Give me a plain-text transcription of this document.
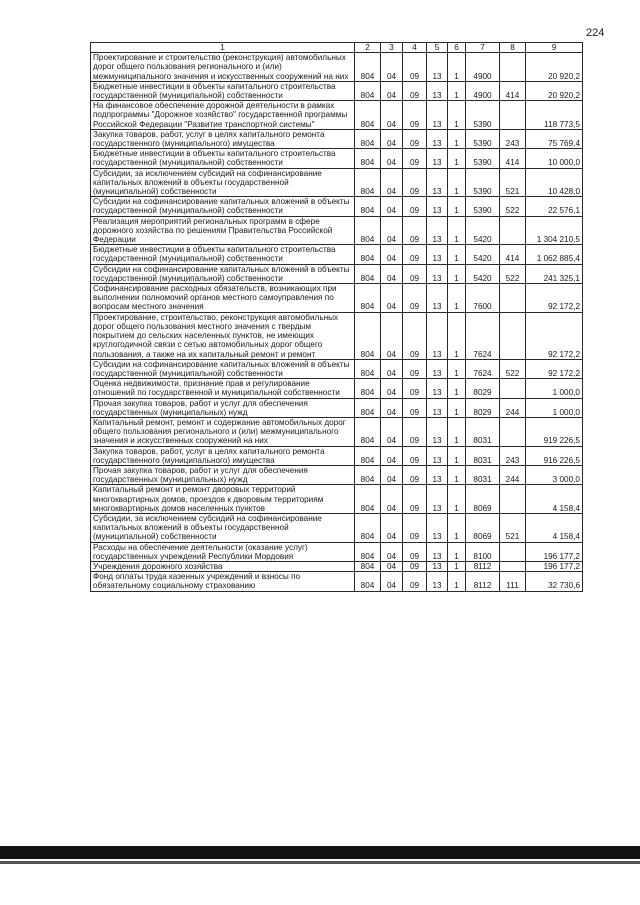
224
1	2	3	4	5	6	7	8	9
Проектирование и строительство (реконструкция) автомобильных дорог общего пользования регионального и (или) межмуниципального значения и искусственных сооружений на них	804	04	09	13	1	4900		20 920,2
Бюджетные инвестиции в объекты капитального строительства государственной (муниципальной) собственности	804	04	09	13	1	4900	414	20 920,2
На финансовое обеспечение дорожной деятельности в рамках подпрограммы "Дорожное хозяйство" государственной программы Российской Федерации "Развитие транспортной системы"	804	04	09	13	1	5390		118 773,5
Закупка товаров, работ, услуг в целях капитального ремонта государственного (муниципального) имущества	804	04	09	13	1	5390	243	75 769,4
Бюджетные инвестиции в объекты капитального строительства государственной (муниципальной) собственности	804	04	09	13	1	5390	414	10 000,0
Субсидии, за исключением субсидий на софинансирование капитальных вложений в объекты государственной (муниципальной) собственности	804	04	09	13	1	5390	521	10 428,0
Субсидии на софинансирование капитальных вложений в объекты государственной (муниципальной) собственности	804	04	09	13	1	5390	522	22 576,1
Реализация мероприятий региональных программ в сфере дорожного хозяйства по решениям Правительства Российской Федерации	804	04	09	13	1	5420		1 304 210,5
Бюджетные инвестиции в объекты капитального строительства государственной (муниципальной) собственности	804	04	09	13	1	5420	414	1 062 885,4
Субсидии на софинансирование капитальных вложений в объекты государственной (муниципальной) собственности	804	04	09	13	1	5420	522	241 325,1
Софинансирование расходных обязательств, возникающих при выполнении полномочий органов местного самоуправления по вопросам местного значения	804	04	09	13	1	7600		92 172,2
Проектирование, строительство, реконструкция автомобильных дорог общего пользования местного значения с твердым покрытием до сельских населенных пунктов, не имеющих круглогодичной связи с сетью автомобильных дорог общего пользования, а также на их капитальный ремонт и ремонт	804	04	09	13	1	7624		92 172,2
Субсидии на софинансирование капитальных вложений в объекты государственной (муниципальной) собственности	804	04	09	13	1	7624	522	92 172,2
Оценка недвижимости, признание прав и регулирование отношений по государственной и муниципальной собственности	804	04	09	13	1	8029		1 000,0
Прочая закупка товаров, работ и услуг для обеспечения государственных (муниципальных) нужд	804	04	09	13	1	8029	244	1 000,0
Капитальный ремонт, ремонт и содержание автомобильных дорог общего пользования регионального и (или) межмуниципального значения и искусственных сооружений на них	804	04	09	13	1	8031		919 226,5
Закупка товаров, работ, услуг в целях капитального ремонта государственного (муниципального) имущества	804	04	09	13	1	8031	243	916 226,5
Прочая закупка товаров, работ и услуг для обеспечения государственных (муниципальных) нужд	804	04	09	13	1	8031	244	3 000,0
Капитальный ремонт и ремонт дворовых территорий многоквартирных домов, проездов к дворовым территориям многоквартирных домов населенных пунктов	804	04	09	13	1	8069		4 158,4
Субсидии, за исключением субсидий на софинансирование капитальных вложений в объекты государственной (муниципальной) собственности	804	04	09	13	1	8069	521	4 158,4
Расходы на обеспечение деятельности (оказание услуг) государственных учреждений Республики Мордовия	804	04	09	13	1	8100		196 177,2
Учреждения дорожного хозяйства	804	04	09	13	1	8112		196 177,2
Фонд оплаты труда казенных учреждений и взносы по обязательному социальному страхованию	804	04	09	13	1	8112	111	32 730,6
